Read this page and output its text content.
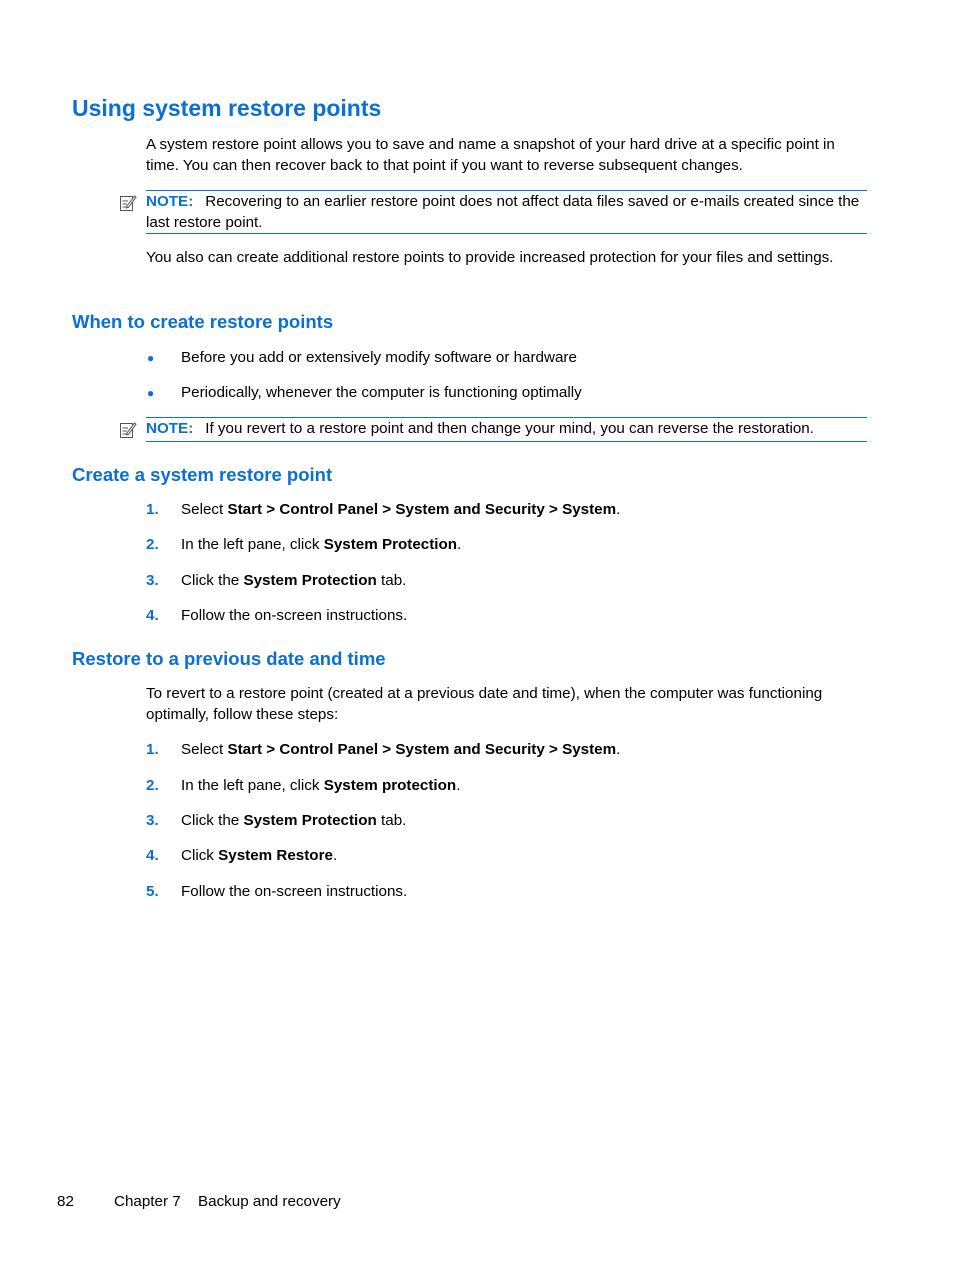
Using system restore points
A system restore point allows you to save and name a snapshot of your hard drive at a specific point in time. You can then recover back to that point if you want to reverse subsequent changes.
NOTE: Recovering to an earlier restore point does not affect data files saved or e-mails created since the last restore point.
You also can create additional restore points to provide increased protection for your files and settings.
When to create restore points
● Before you add or extensively modify software or hardware
● Periodically, whenever the computer is functioning optimally
NOTE: If you revert to a restore point and then change your mind, you can reverse the restoration.
Create a system restore point
1. Select Start > Control Panel > System and Security > System.
2. In the left pane, click System Protection.
3. Click the System Protection tab.
4. Follow the on-screen instructions.
Restore to a previous date and time
To revert to a restore point (created at a previous date and time), when the computer was functioning optimally, follow these steps:
1. Select Start > Control Panel > System and Security > System.
2. In the left pane, click System protection.
3. Click the System Protection tab.
4. Click System Restore.
5. Follow the on-screen instructions.
82	Chapter 7 Backup and recovery
